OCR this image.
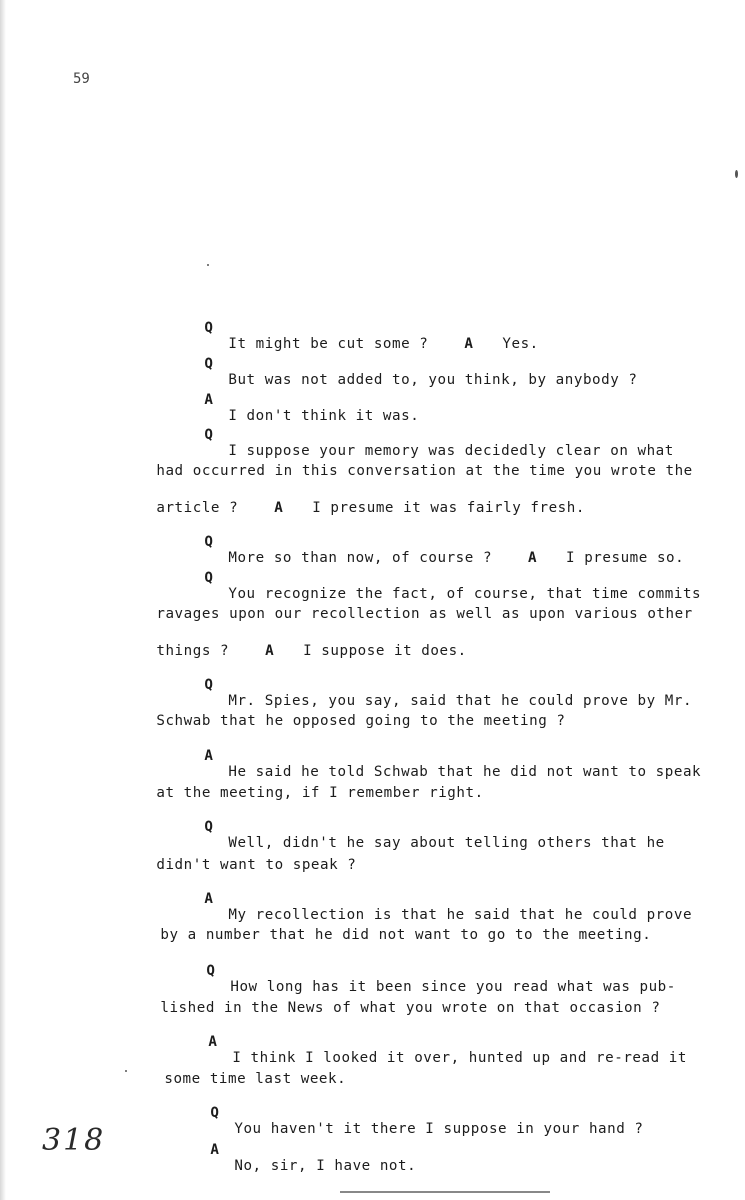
59

Q
It might be cut some ?	A Yes.

Q
But was not added to, you think, by anybody ?

A
I don't think it was.

Q
I suppose your memory was decidedly clear on what

had occurred in this conversation at the time you wrote the

article ?	A I presume it was fairly fresh.

Q
More so than now, of course ?	A I presume so.

Q
You recognize the fact, of course, that time commits

ravages upon our recollection as well as upon various other

things ?	A I suppose it does.

Q
Mr. Spies, you say, said that he could prove by Mr.

Schwab that he opposed going to the meeting ?

A
He said he told Schwab that he did not want to speak

at the meeting, if I remember right.

Q
Well, didn't he say about telling others that he

didn't want to speak ?

A
My recollection is that he said that he could prove

by a number that he did not want to go to the meeting.

Q
How long has it been since you read what was pub-

lished in the News of what you wrote on that occasion ?

A
I think I looked it over, hunted up and re-read it

some time last week.

Q
You haven't it there I suppose in your hand ?

A
No, sir, I have not.

318
